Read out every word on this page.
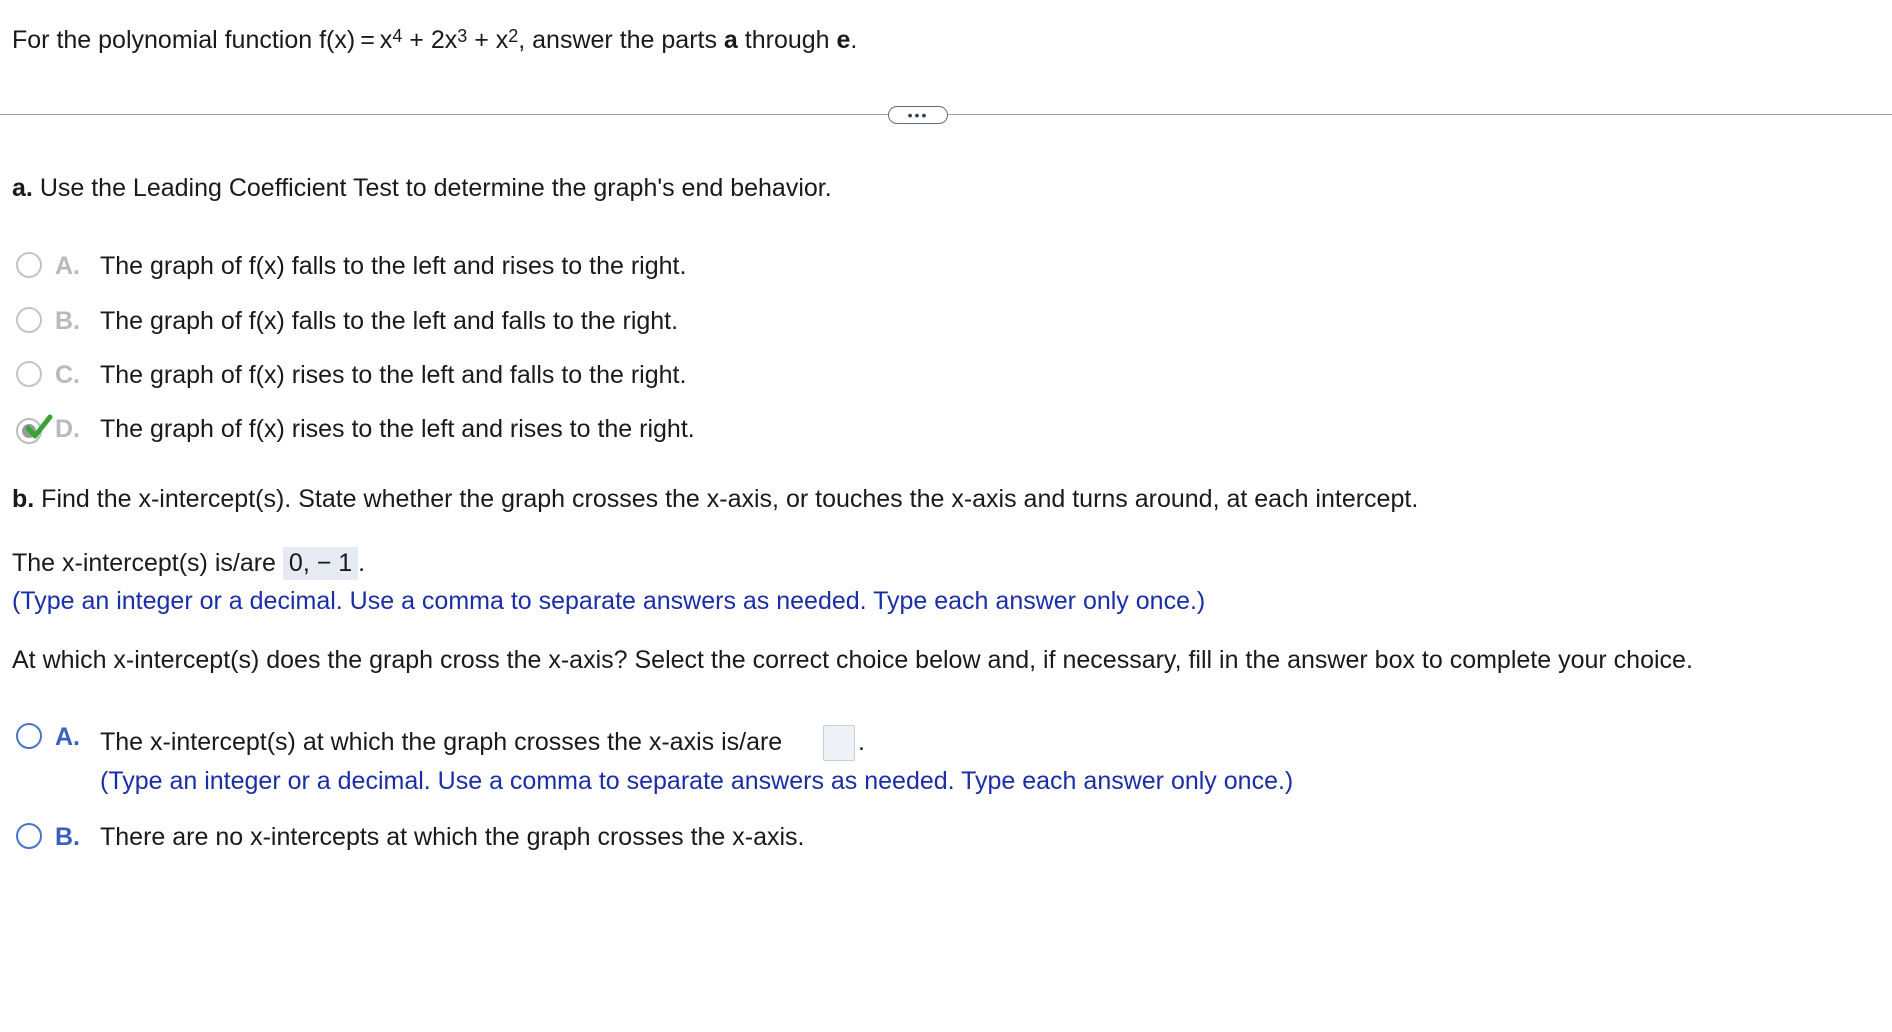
For the polynomial function $f(x) = x^4 + 2x^3 + x^2$, answer the parts a through e.
•••
a. Use the Leading Coefficient Test to determine the graph's end behavior.
A. The graph of f(x) falls to the left and rises to the right.
B. The graph of f(x) falls to the left and falls to the right.
C. The graph of f(x) rises to the left and falls to the right.
D. The graph of f(x) rises to the left and rises to the right.
b. Find the x-intercept(s). State whether the graph crosses the x-axis, or touches the x-axis and turns around, at each intercept.
The x-intercept(s) is/are 0, − 1 .
(Type an integer or a decimal. Use a comma to separate answers as needed. Type each answer only once.)
At which x-intercept(s) does the graph cross the x-axis? Select the correct choice below and, if necessary, fill in the answer box to complete your choice.
A. The x-intercept(s) at which the graph crosses the x-axis is/are	.
(Type an integer or a decimal. Use a comma to separate answers as needed. Type each answer only once.)
B. There are no x-intercepts at which the graph crosses the x-axis.
